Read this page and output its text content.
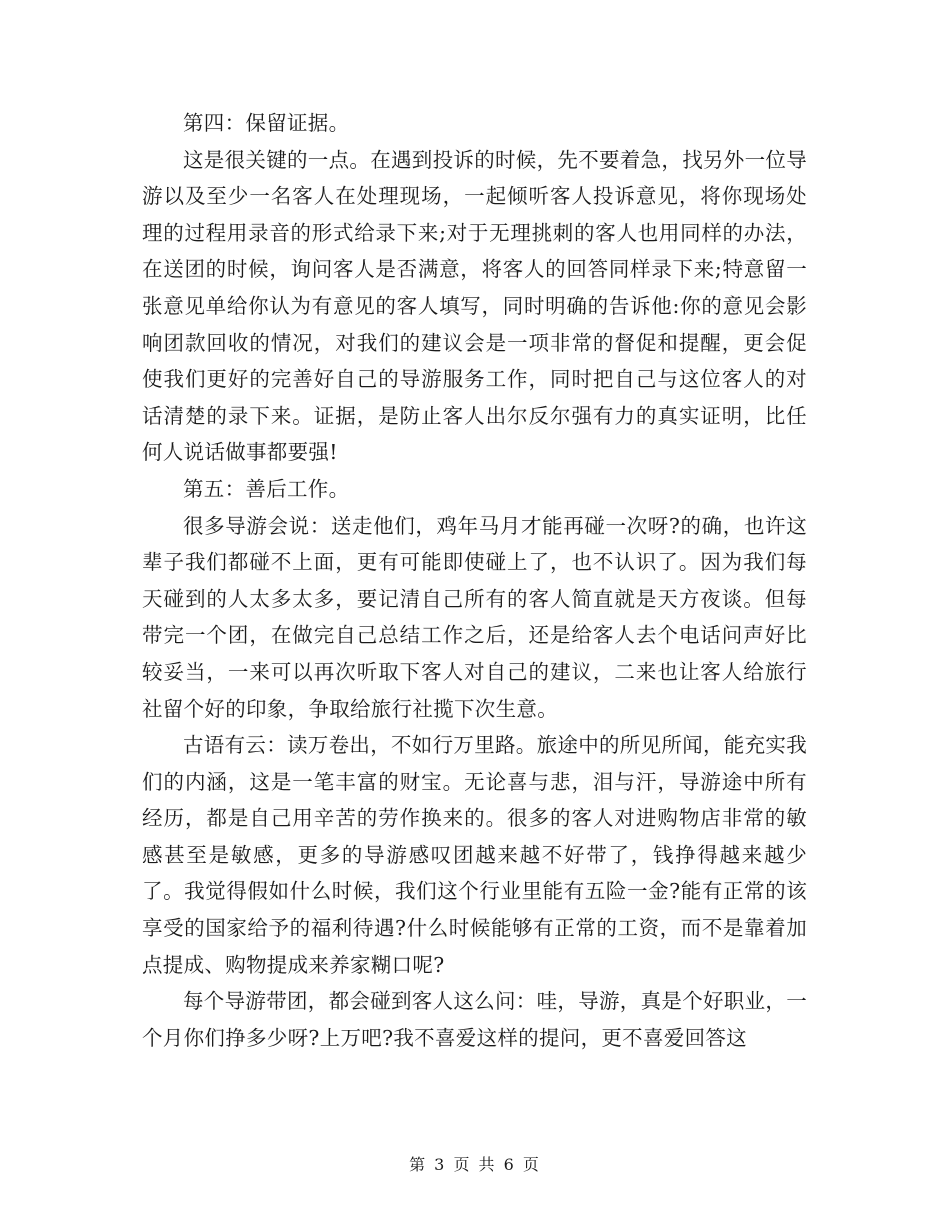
第四：保留证据。

这是很关键的一点。在遇到投诉的时候，先不要着急，找另外一位导游以及至少一名客人在处理现场，一起倾听客人投诉意见，将你现场处理的过程用录音的形式给录下来;对于无理挑刺的客人也用同样的办法，在送团的时候，询问客人是否满意，将客人的回答同样录下来;特意留一张意见单给你认为有意见的客人填写，同时明确的告诉他:你的意见会影响团款回收的情况，对我们的建议会是一项非常的督促和提醒，更会促使我们更好的完善好自己的导游服务工作，同时把自己与这位客人的对话清楚的录下来。证据，是防止客人出尔反尔强有力的真实证明，比任何人说话做事都要强!

第五：善后工作。

很多导游会说：送走他们，鸡年马月才能再碰一次呀?的确，也许这辈子我们都碰不上面，更有可能即使碰上了，也不认识了。因为我们每天碰到的人太多太多，要记清自己所有的客人简直就是天方夜谈。但每带完一个团，在做完自己总结工作之后，还是给客人去个电话问声好比较妥当，一来可以再次听取下客人对自己的建议，二来也让客人给旅行社留个好的印象，争取给旅行社揽下次生意。

古语有云：读万卷出，不如行万里路。旅途中的所见所闻，能充实我们的内涵，这是一笔丰富的财宝。无论喜与悲，泪与汗，导游途中所有经历，都是自己用辛苦的劳作换来的。很多的客人对进购物店非常的敏感甚至是敏感，更多的导游感叹团越来越不好带了，钱挣得越来越少了。我觉得假如什么时候，我们这个行业里能有五险一金?能有正常的该享受的国家给予的福利待遇?什么时候能够有正常的工资，而不是靠着加点提成、购物提成来养家糊口呢?

每个导游带团，都会碰到客人这么问：哇，导游，真是个好职业，一个月你们挣多少呀?上万吧?我不喜爱这样的提问，更不喜爱回答这

第 3 页 共 6 页
